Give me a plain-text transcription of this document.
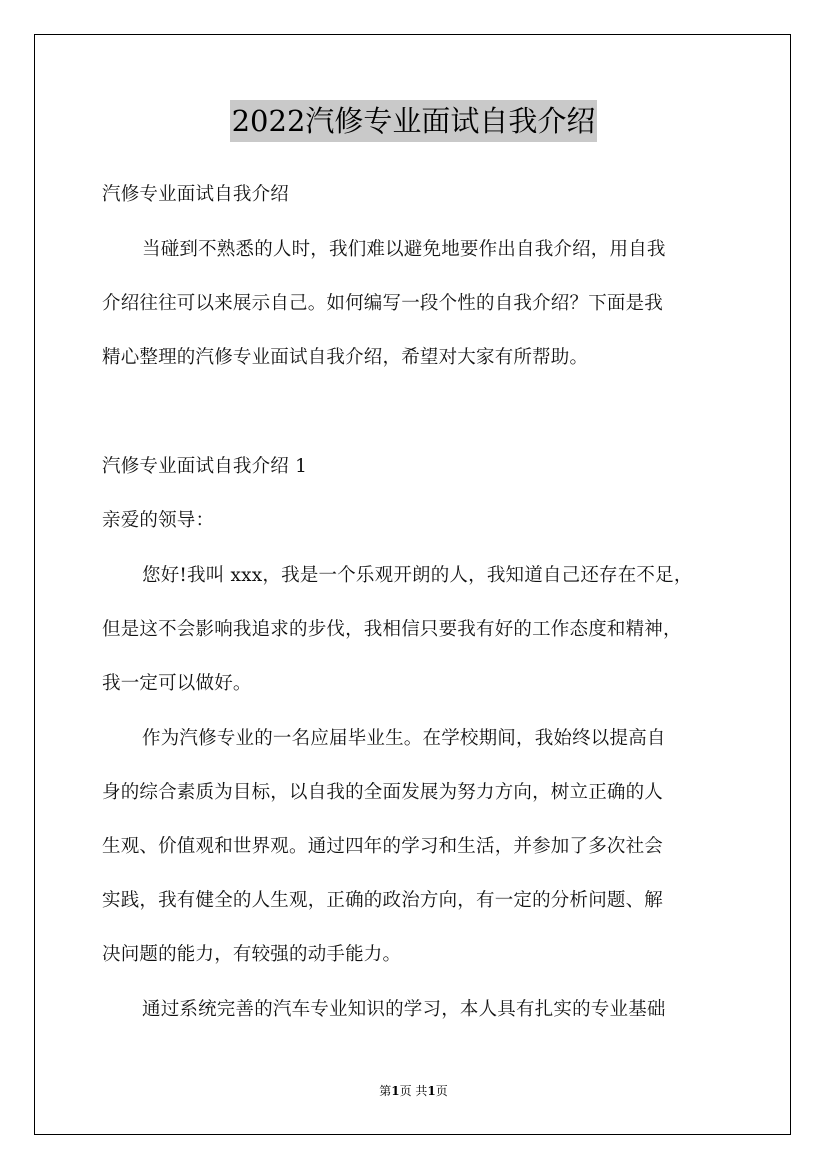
2022汽修专业面试自我介绍
汽修专业面试自我介绍
当碰到不熟悉的人时，我们难以避免地要作出自我介绍，用自我
介绍往往可以来展示自己。如何编写一段个性的自我介绍？下面是我
精心整理的汽修专业面试自我介绍，希望对大家有所帮助。
汽修专业面试自我介绍 1
亲爱的领导：
您好!我叫 xxx，我是一个乐观开朗的人，我知道自己还存在不足，
但是这不会影响我追求的步伐，我相信只要我有好的工作态度和精神，
我一定可以做好。
作为汽修专业的一名应届毕业生。在学校期间，我始终以提高自
身的综合素质为目标，以自我的全面发展为努力方向，树立正确的人
生观、价值观和世界观。通过四年的学习和生活，并参加了多次社会
实践，我有健全的人生观，正确的政治方向，有一定的分析问题、解
决问题的能力，有较强的动手能力。
通过系统完善的汽车专业知识的学习，本人具有扎实的专业基础
第1页 共1页
